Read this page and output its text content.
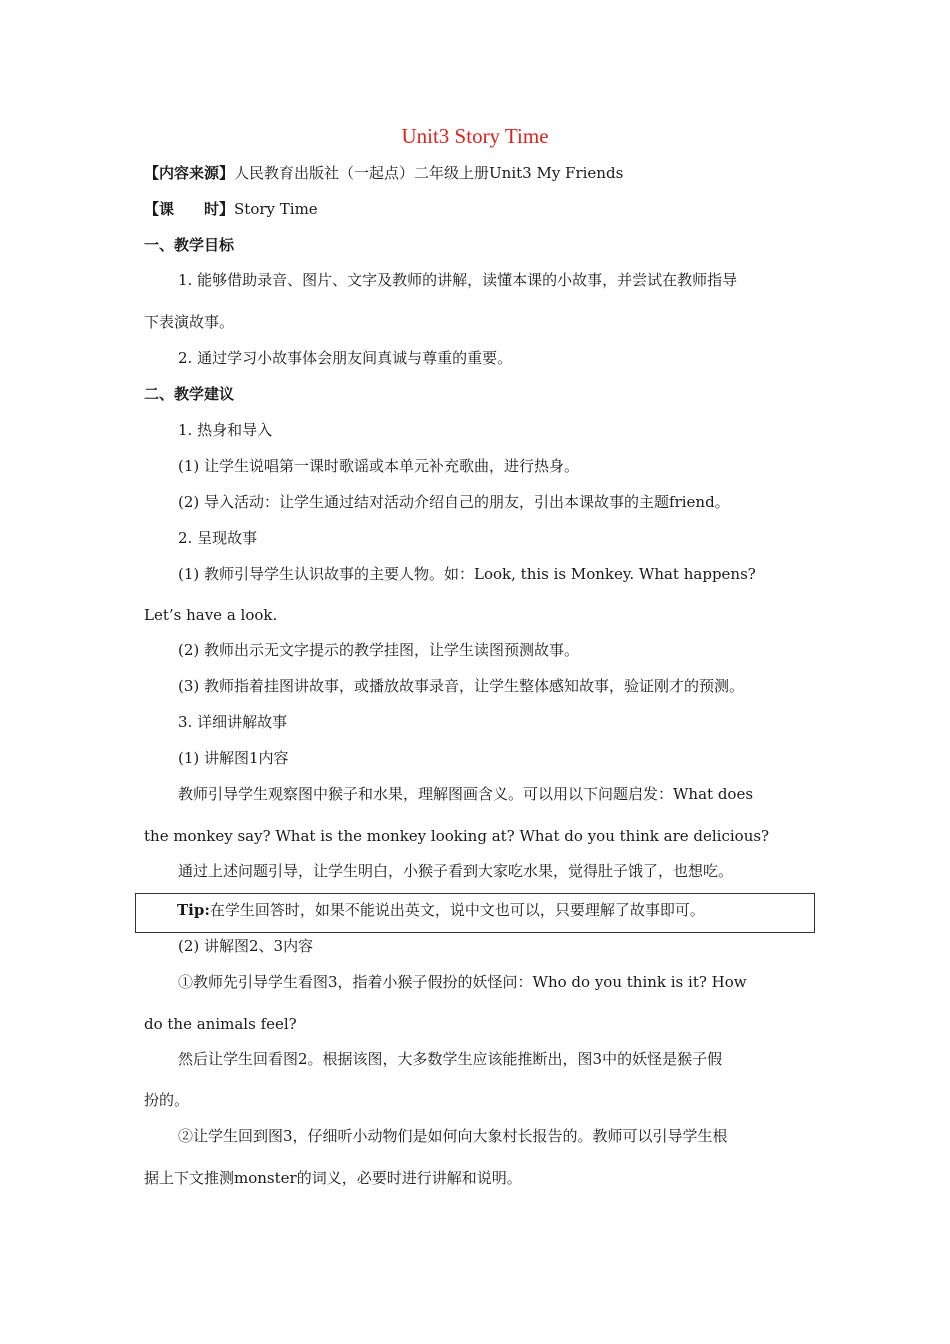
Unit3 Story Time
【内容来源】人民教育出版社（一起点）二年级上册Unit3 My Friends
【课　　时】Story Time
一、教学目标
1. 能够借助录音、图片、文字及教师的讲解，读懂本课的小故事，并尝试在教师指导
下表演故事。
2. 通过学习小故事体会朋友间真诚与尊重的重要。
二、教学建议
1. 热身和导入
(1) 让学生说唱第一课时歌谣或本单元补充歌曲，进行热身。
(2) 导入活动：让学生通过结对活动介绍自己的朋友，引出本课故事的主题friend。
2. 呈现故事
(1) 教师引导学生认识故事的主要人物。如：Look, this is Monkey. What happens?
Let’s have a look.
(2) 教师出示无文字提示的教学挂图，让学生读图预测故事。
(3) 教师指着挂图讲故事，或播放故事录音，让学生整体感知故事，验证刚才的预测。
3. 详细讲解故事
(1) 讲解图1内容
教师引导学生观察图中猴子和水果，理解图画含义。可以用以下问题启发：What does
the monkey say? What is the monkey looking at? What do you think are delicious?
通过上述问题引导，让学生明白，小猴子看到大家吃水果，觉得肚子饿了，也想吃。
Tip:在学生回答时，如果不能说出英文，说中文也可以，只要理解了故事即可。
(2) 讲解图2、3内容
①教师先引导学生看图3，指着小猴子假扮的妖怪问：Who do you think is it? How
do the animals feel?
然后让学生回看图2。根据该图，大多数学生应该能推断出，图3中的妖怪是猴子假
扮的。
②让学生回到图3，仔细听小动物们是如何向大象村长报告的。教师可以引导学生根
据上下文推测monster的词义，必要时进行讲解和说明。
